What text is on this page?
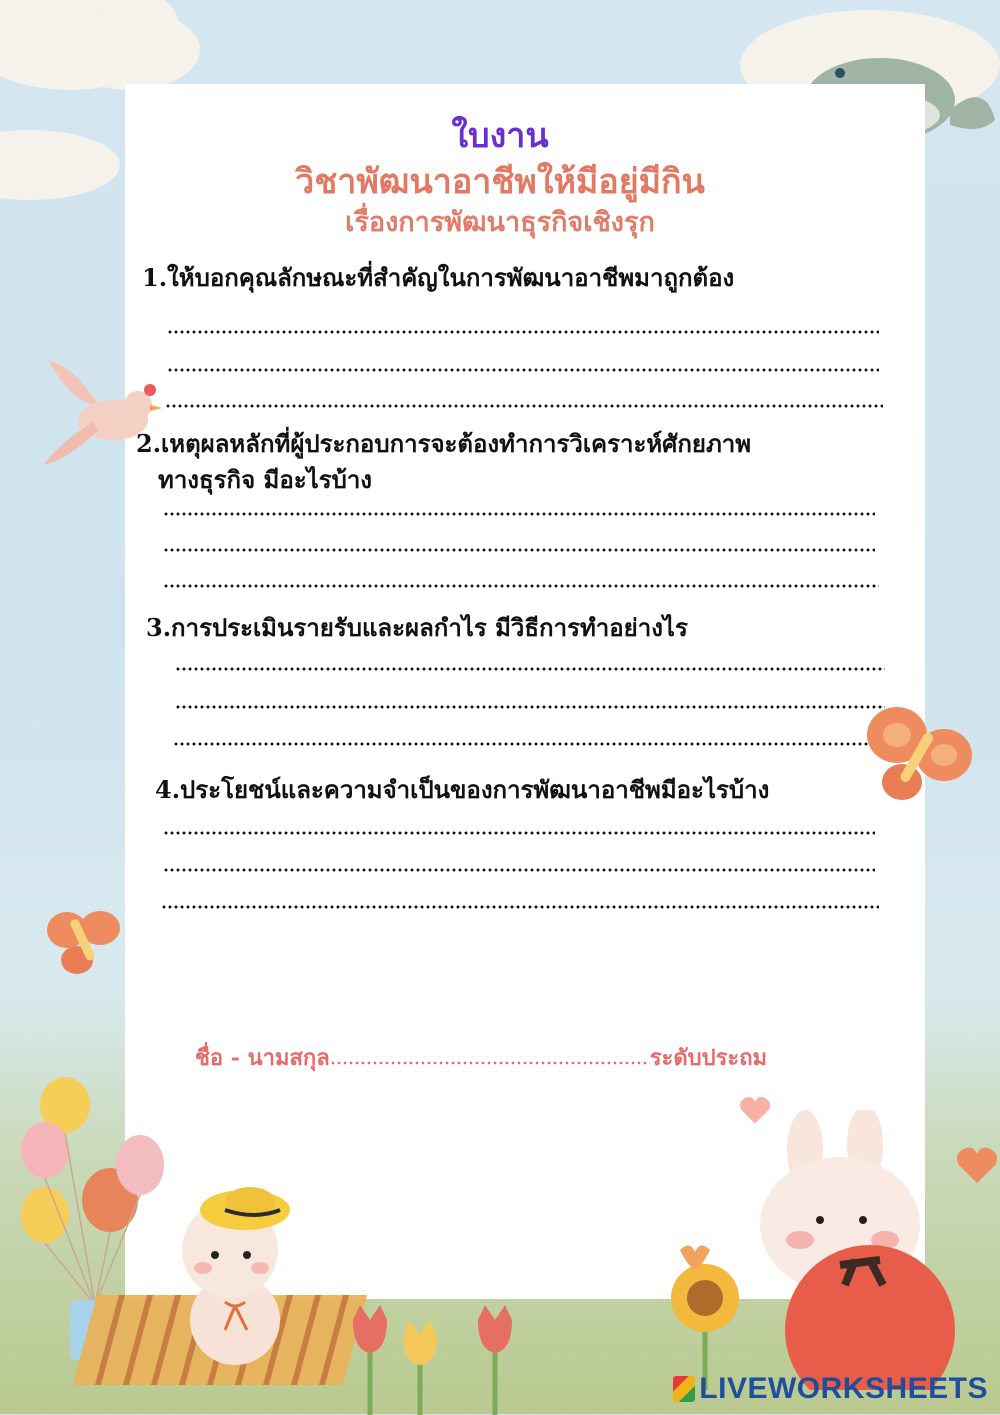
ใบงาน
วิชาพัฒนาอาชีพให้มีอยู่มีกิน
เรื่องการพัฒนาธุรกิจเชิงรุก
1.ให้บอกคุณลักษณะที่สำคัญในการพัฒนาอาชีพมาถูกต้อง
2.เหตุผลหลักที่ผู้ประกอบการจะต้องทำการวิเคราะห์ศักยภาพ
ทางธุรกิจ มีอะไรบ้าง
3.การประเมินรายรับและผลกำไร มีวิธีการทำอย่างไร
4.ประโยชน์และความจำเป็นของการพัฒนาอาชีพมีอะไรบ้าง
ชื่อ - นามสกุล	ระดับประถม
LIVEWORKSHEETS
